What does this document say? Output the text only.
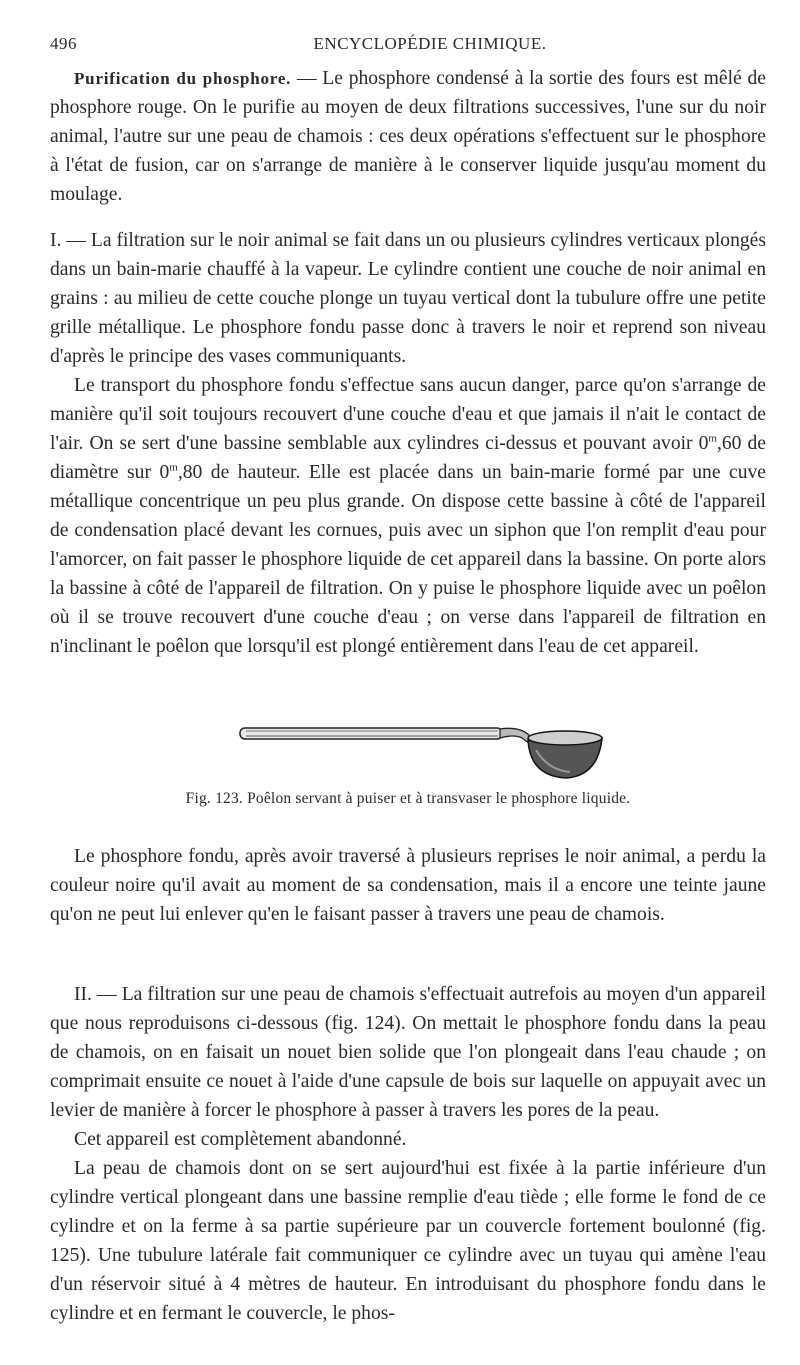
496	ENCYCLOPÉDIE CHIMIQUE.

Purification du phosphore. — Le phosphore condensé à la sortie des fours est mêlé de phosphore rouge. On le purifie au moyen de deux filtrations successives, l'une sur du noir animal, l'autre sur une peau de chamois : ces deux opérations s'effectuent sur le phosphore à l'état de fusion, car on s'arrange de manière à le conserver liquide jusqu'au moment du moulage.

I. — La filtration sur le noir animal se fait dans un ou plusieurs cylindres verticaux plongés dans un bain-marie chauffé à la vapeur. Le cylindre contient une couche de noir animal en grains : au milieu de cette couche plonge un tuyau vertical dont la tubulure offre une petite grille métallique. Le phosphore fondu passe donc à travers le noir et reprend son niveau d'après le principe des vases communiquants.

Le transport du phosphore fondu s'effectue sans aucun danger, parce qu'on s'arrange de manière qu'il soit toujours recouvert d'une couche d'eau et que jamais il n'ait le contact de l'air. On se sert d'une bassine semblable aux cylindres ci-dessus et pouvant avoir 0$^m$,60 de diamètre sur 0$^m$,80 de hauteur. Elle est placée dans un bain-marie formé par une cuve métallique concentrique un peu plus grande. On dispose cette bassine à côté de l'appareil de condensation placé devant les cornues, puis avec un siphon que l'on remplit d'eau pour l'amorcer, on fait passer le phosphore liquide de cet appareil dans la bassine. On porte alors la bassine à côté de l'appareil de filtration. On y puise le phosphore liquide avec un poêlon où il se trouve recouvert d'une couche d'eau ; on verse dans l'appareil de filtration en n'inclinant le poêlon que lorsqu'il est plongé entièrement dans l'eau de cet appareil.

Fig. 123. Poêlon servant à puiser et à transvaser le phosphore liquide.

Le phosphore fondu, après avoir traversé à plusieurs reprises le noir animal, a perdu la couleur noire qu'il avait au moment de sa condensation, mais il a encore une teinte jaune qu'on ne peut lui enlever qu'en le faisant passer à travers une peau de chamois.

II. — La filtration sur une peau de chamois s'effectuait autrefois au moyen d'un appareil que nous reproduisons ci-dessous (fig. 124). On mettait le phosphore fondu dans la peau de chamois, on en faisait un nouet bien solide que l'on plongeait dans l'eau chaude ; on comprimait ensuite ce nouet à l'aide d'une capsule de bois sur laquelle on appuyait avec un levier de manière à forcer le phosphore à passer à travers les pores de la peau.

Cet appareil est complètement abandonné.

La peau de chamois dont on se sert aujourd'hui est fixée à la partie inférieure d'un cylindre vertical plongeant dans une bassine remplie d'eau tiède ; elle forme le fond de ce cylindre et on la ferme à sa partie supérieure par un couvercle fortement boulonné (fig. 125). Une tubulure latérale fait communiquer ce cylindre avec un tuyau qui amène l'eau d'un réservoir situé à 4 mètres de hauteur. En introduisant du phosphore fondu dans le cylindre et en fermant le couvercle, le phos-
